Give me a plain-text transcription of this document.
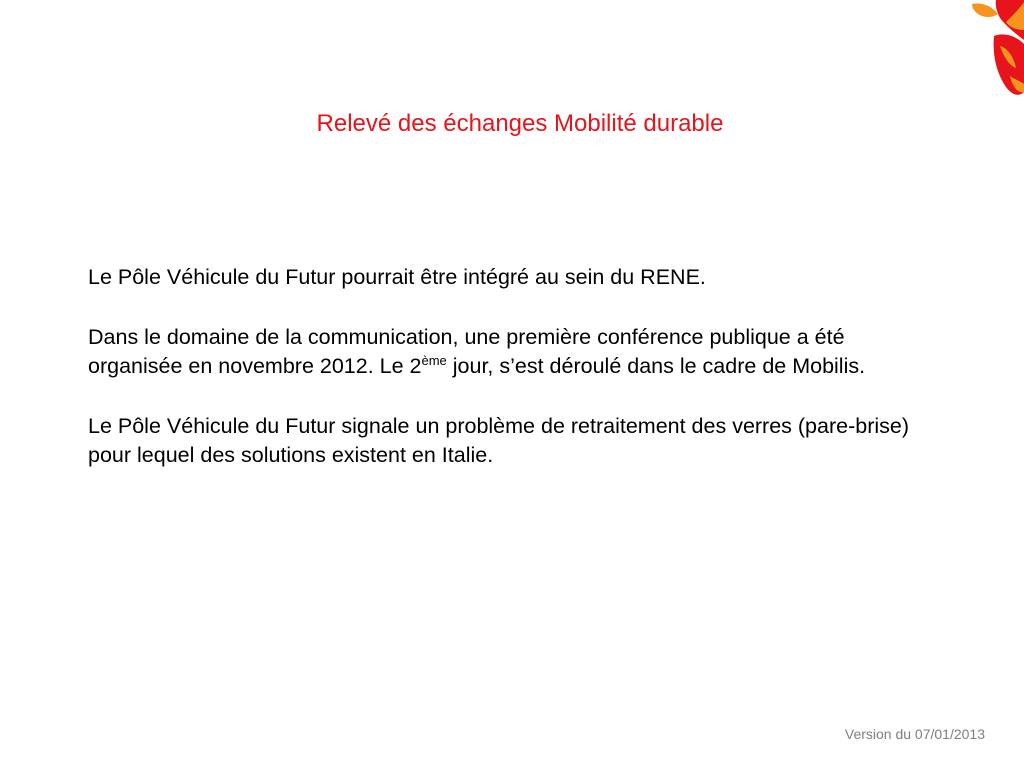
Relevé des échanges Mobilité durable

Le Pôle Véhicule du Futur pourrait être intégré au sein du RENE.

Dans le domaine de la communication, une première conférence publique a été organisée en novembre 2012. Le 2ème jour, s’est déroulé dans le cadre de Mobilis.

Le Pôle Véhicule du Futur signale un problème de retraitement des verres (pare-brise) pour lequel des solutions existent en Italie.

Version du 07/01/2013
